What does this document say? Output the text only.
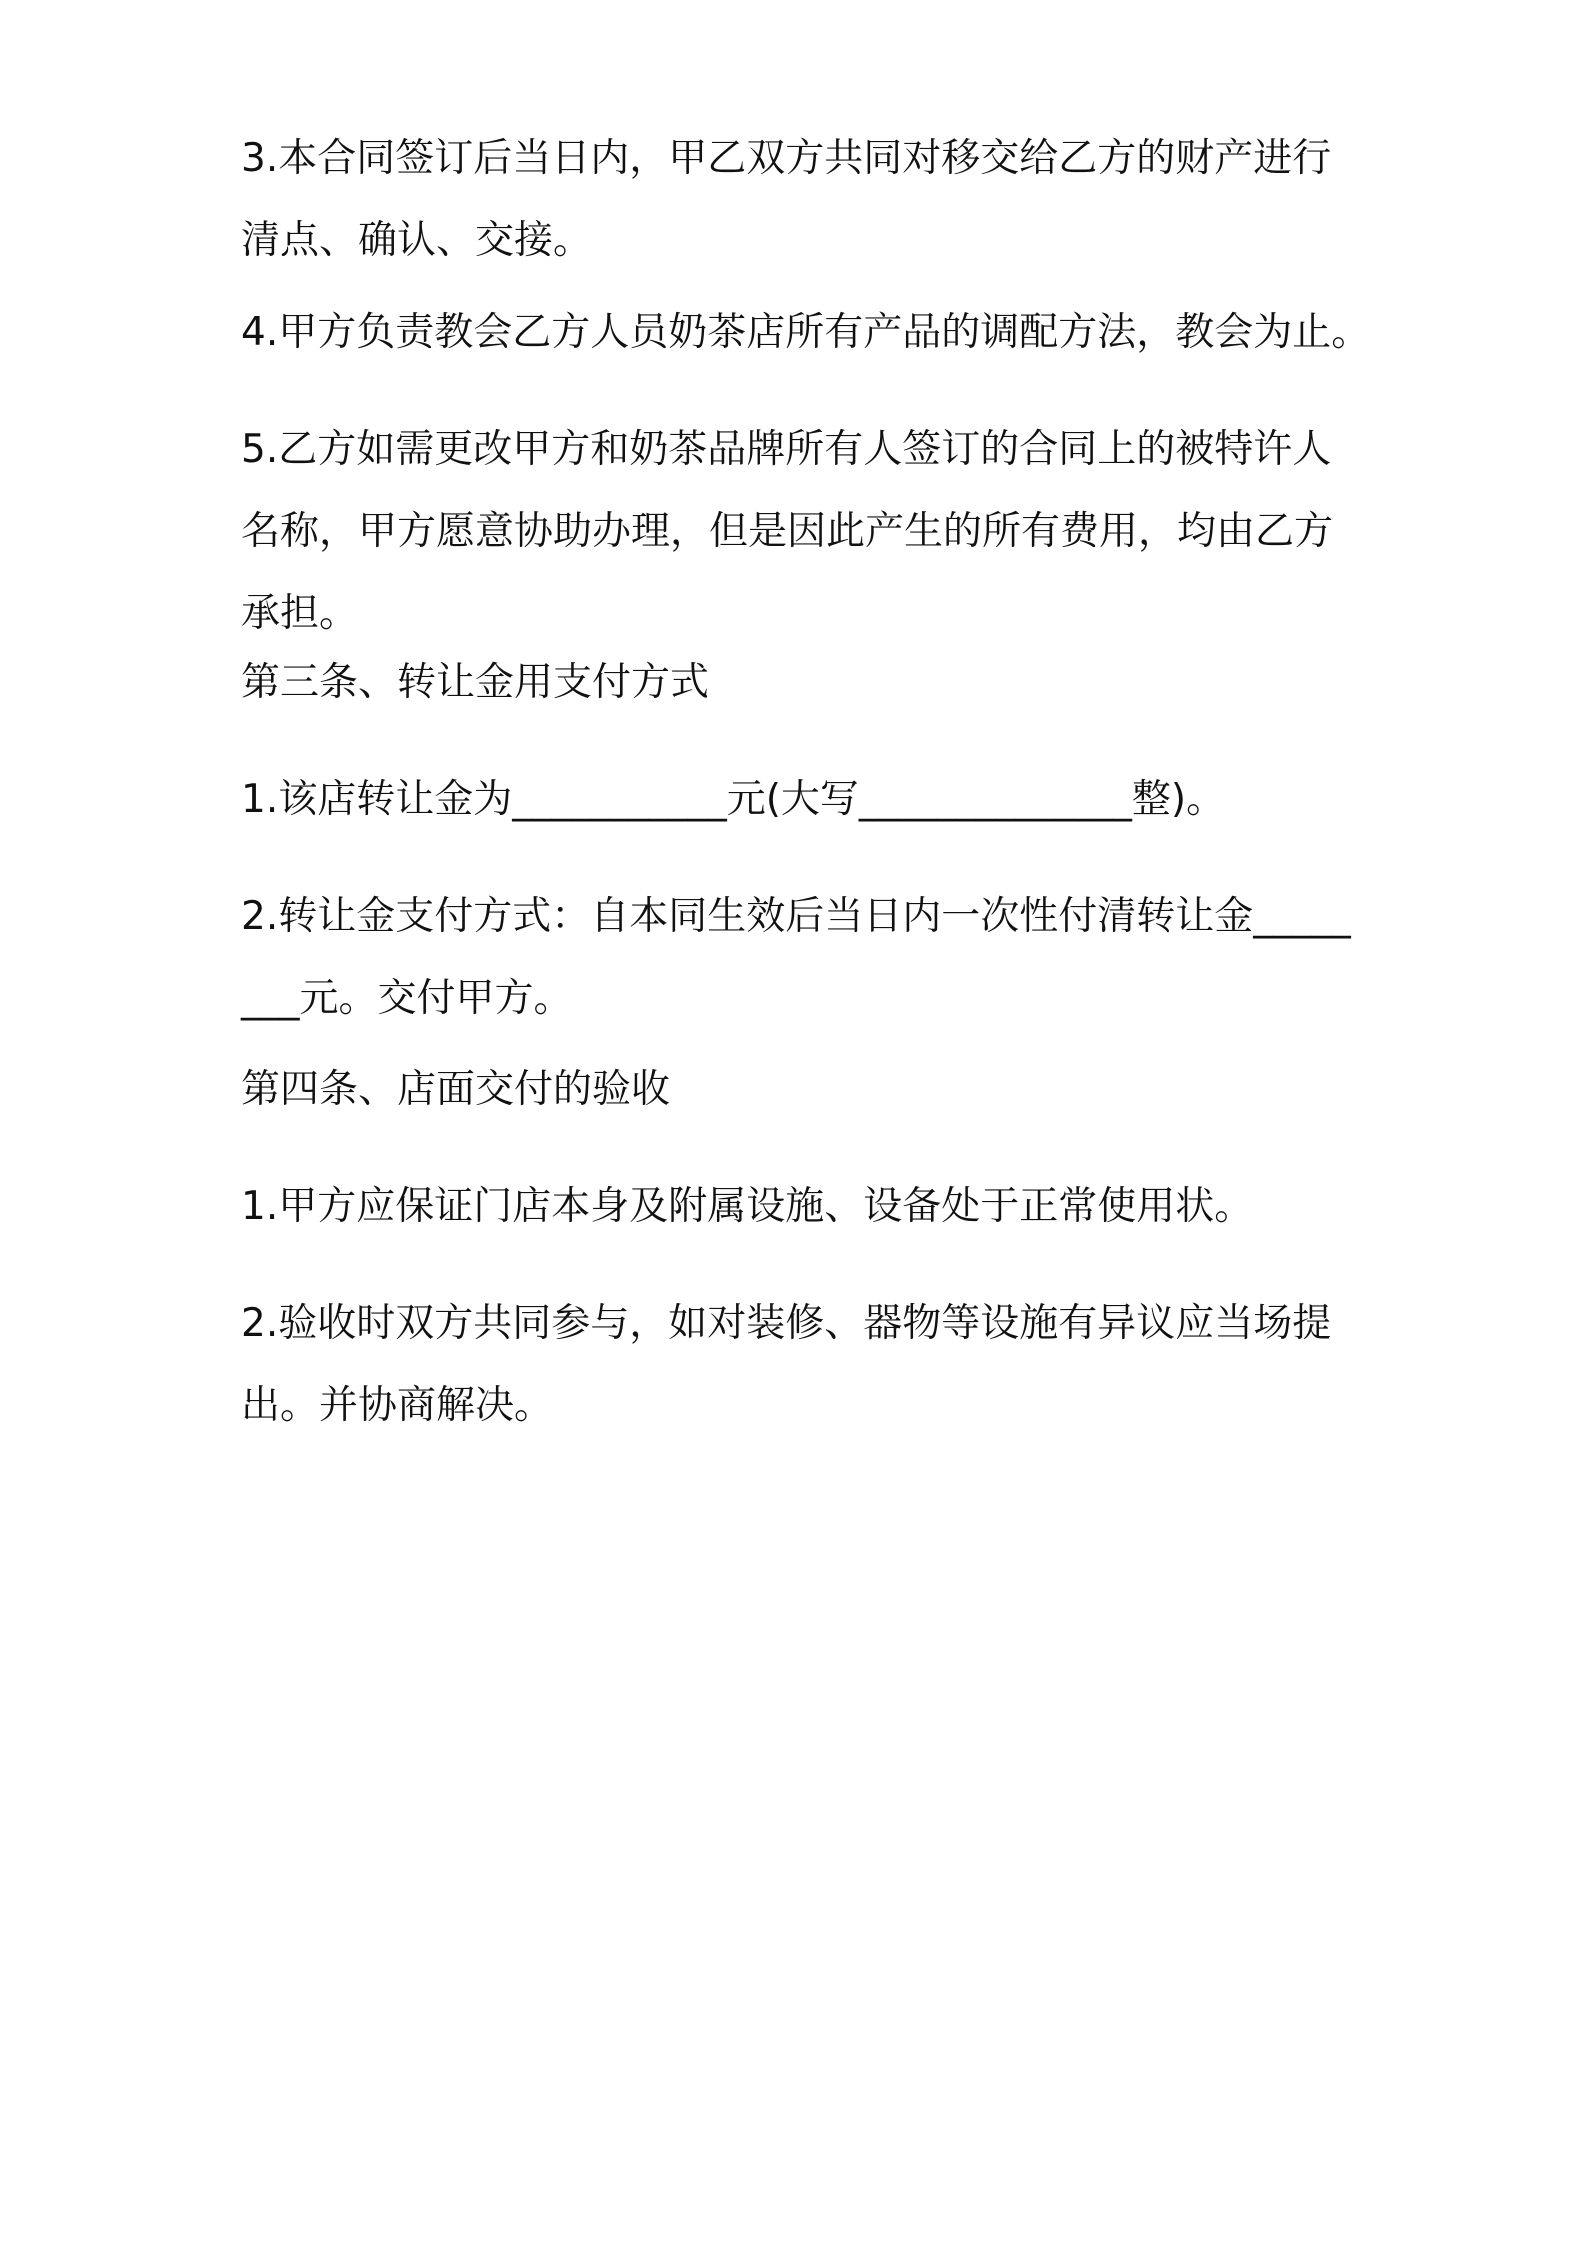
3.本合同签订后当日内，甲乙双方共同对移交给乙方的财产进行清点、确认、交接。

4.甲方负责教会乙方人员奶茶店所有产品的调配方法，教会为止。

5.乙方如需更改甲方和奶茶品牌所有人签订的合同上的被特许人名称，甲方愿意协助办理，但是因此产生的所有费用，均由乙方承担。

第三条、转让金用支付方式

1.该店转让金为___________元(大写______________整)。

2.转让金支付方式：自本同生效后当日内一次性付清转让金________元。交付甲方。

第四条、店面交付的验收

1.甲方应保证门店本身及附属设施、设备处于正常使用状。

2.验收时双方共同参与，如对装修、器物等设施有异议应当场提出。并协商解决。
